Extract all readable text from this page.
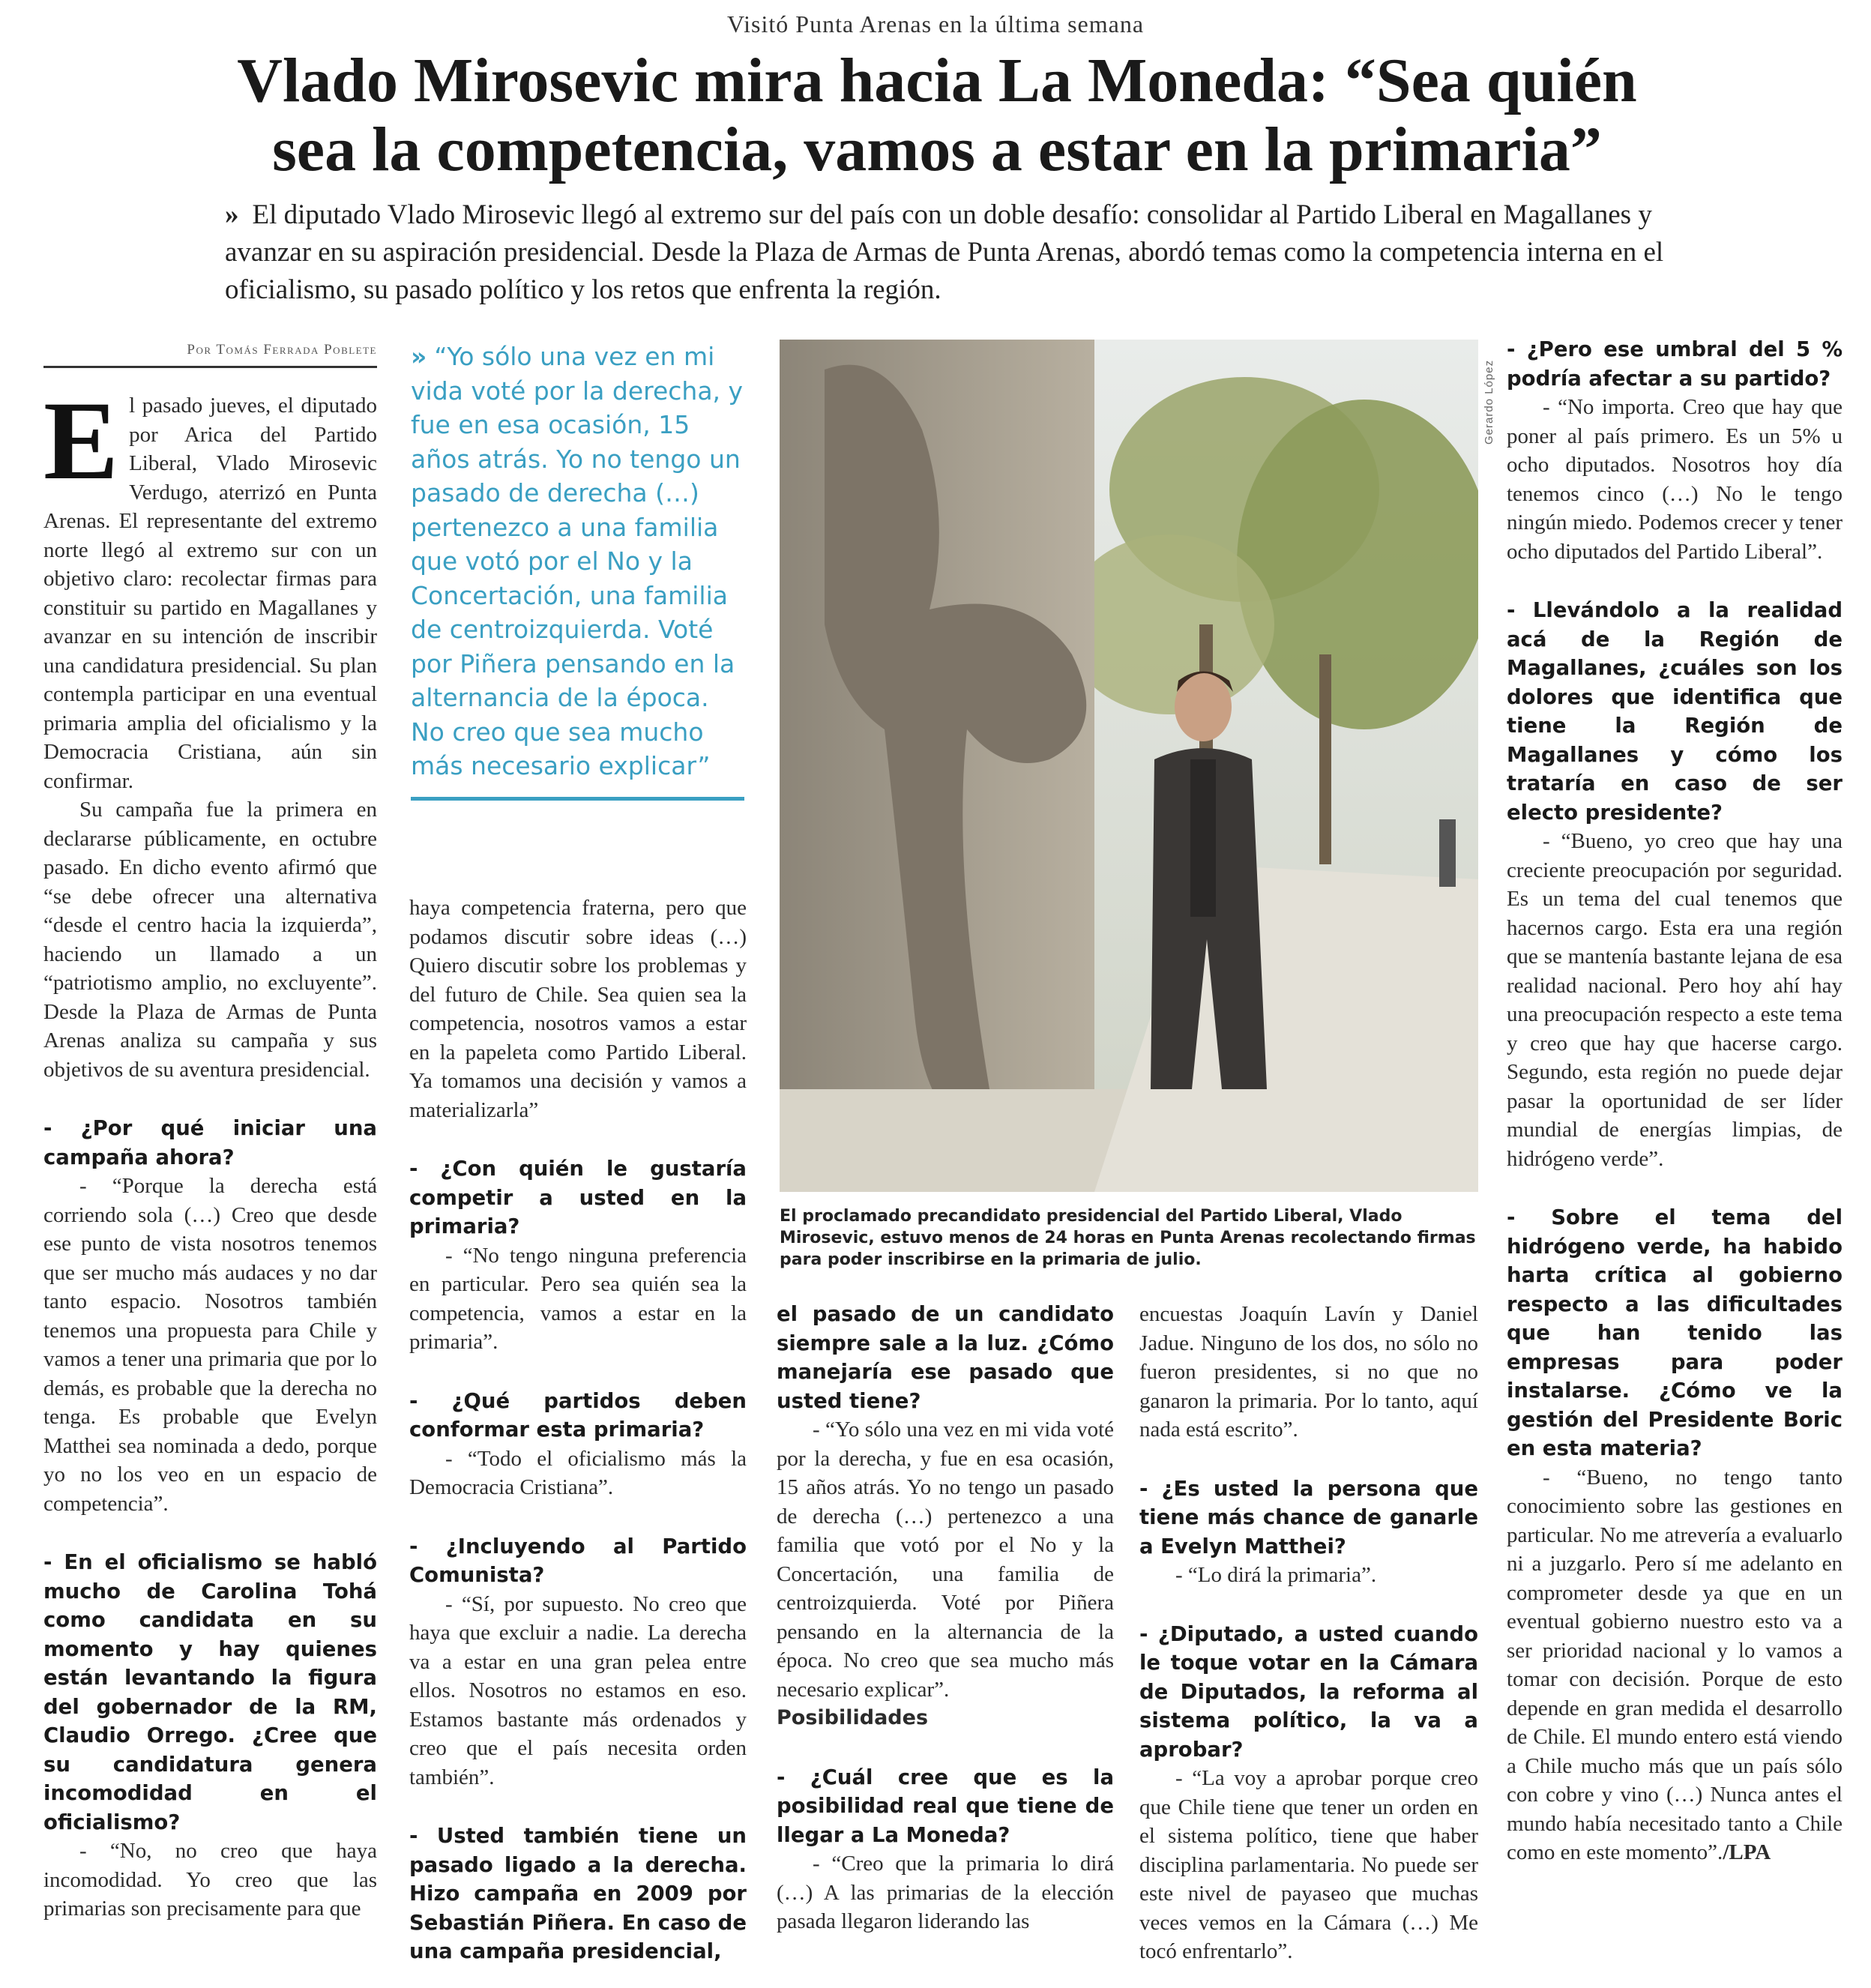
Visitó Punta Arenas en la última semana
Vlado Mirosevic mira hacia La Moneda: “Sea quién
sea la competencia, vamos a estar en la primaria”

» El diputado Vlado Mirosevic llegó al extremo sur del país con un doble desafío: consolidar al Partido Liberal en Magallanes y avanzar en su aspiración presidencial. Desde la Plaza de Armas de Punta Arenas, abordó temas como la competencia interna en el oficialismo, su pasado político y los retos que enfrenta la región.

Por Tomás Ferrada Poblete

El pasado jueves, el diputado por Arica del Partido Liberal, Vlado Mirosevic Verdugo, aterrizó en Punta Arenas. El representante del extremo norte llegó al extremo sur con un objetivo claro: recolectar firmas para constituir su partido en Magallanes y avanzar en su intención de inscribir una candidatura presidencial. Su plan contempla participar en una eventual primaria amplia del oficialismo y la Democracia Cristiana, aún sin confirmar.

Su campaña fue la primera en declararse públicamente, en octubre pasado. En dicho evento afirmó que “se debe ofrecer una alternativa “desde el centro hacia la izquierda”, haciendo un llamado a un “patriotismo amplio, no excluyente”. Desde la Plaza de Armas de Punta Arenas analiza su campaña y sus objetivos de su aventura presidencial.

- ¿Por qué iniciar una campaña ahora?

- “Porque la derecha está corriendo sola (…) Creo que desde ese punto de vista nosotros tenemos que ser mucho más audaces y no dar tanto espacio. Nosotros también tenemos una propuesta para Chile y vamos a tener una primaria que por lo demás, es probable que la derecha no tenga. Es probable que Evelyn Matthei sea nominada a dedo, porque yo no los veo en un espacio de competencia”.

- En el oficialismo se habló mucho de Carolina Tohá como candidata en su momento y hay quienes están levantando la figura del gobernador de la RM, Claudio Orrego. ¿Cree que su candidatura genera incomodidad en el oficialismo?

- “No, no creo que haya incomodidad. Yo creo que las primarias son precisamente para que

» “Yo sólo una vez en mi vida voté por la derecha, y fue en esa ocasión, 15 años atrás. Yo no tengo un pasado de derecha (…) pertenezco a una familia que votó por el No y la Concertación, una familia de centroizquierda. Voté por Piñera pensando en la alternancia de la época. No creo que sea mucho más necesario explicar”

haya competencia fraterna, pero que podamos discutir sobre ideas (…) Quiero discutir sobre los problemas y del futuro de Chile. Sea quien sea la competencia, nosotros vamos a estar en la papeleta como Partido Liberal. Ya tomamos una decisión y vamos a materializarla”

- ¿Con quién le gustaría competir a usted en la primaria?

- “No tengo ninguna preferencia en particular. Pero sea quién sea la competencia, vamos a estar en la primaria”.

- ¿Qué partidos deben conformar esta primaria?

- “Todo el oficialismo más la Democracia Cristiana”.

- ¿Incluyendo al Partido Comunista?

- “Sí, por supuesto. No creo que haya que excluir a nadie. La derecha va a estar en una gran pelea entre ellos. Nosotros no estamos en eso. Estamos bastante más ordenados y creo que el país necesita orden también”.

- Usted también tiene un pasado ligado a la derecha. Hizo campaña en 2009 por Sebastián Piñera. En caso de una campaña presidencial,

Gerardo López
El proclamado precandidato presidencial del Partido Liberal, Vlado Mirosevic, estuvo menos de 24 horas en Punta Arenas recolectando firmas para poder inscribirse en la primaria de julio.

el pasado de un candidato siempre sale a la luz. ¿Cómo manejaría ese pasado que usted tiene?

- “Yo sólo una vez en mi vida voté por la derecha, y fue en esa ocasión, 15 años atrás. Yo no tengo un pasado de derecha (…) pertenezco a una familia que votó por el No y la Concertación, una familia de centroizquierda. Voté por Piñera pensando en la alternancia de la época. No creo que sea mucho más necesario explicar”.

Posibilidades

- ¿Cuál cree que es la posibilidad real que tiene de llegar a La Moneda?

- “Creo que la primaria lo dirá (…) A las primarias de la elección pasada llegaron liderando las

encuestas Joaquín Lavín y Daniel Jadue. Ninguno de los dos, no sólo no fueron presidentes, si no que no ganaron la primaria. Por lo tanto, aquí nada está escrito”.

- ¿Es usted la persona que tiene más chance de ganarle a Evelyn Matthei?

- “Lo dirá la primaria”.

- ¿Diputado, a usted cuando le toque votar en la Cámara de Diputados, la reforma al sistema político, la va a aprobar?

- “La voy a aprobar porque creo que Chile tiene que tener un orden en el sistema político, tiene que haber disciplina parlamentaria. No puede ser este nivel de payaseo que muchas veces vemos en la Cámara (…) Me tocó enfrentarlo”.

- ¿Pero ese umbral del 5 % podría afectar a su partido?

- “No importa. Creo que hay que poner al país primero. Es un 5% u ocho diputados. Nosotros hoy día tenemos cinco (…) No le tengo ningún miedo. Podemos crecer y tener ocho diputados del Partido Liberal”.

- Llevándolo a la realidad acá de la Región de Magallanes, ¿cuáles son los dolores que identifica que tiene la Región de Magallanes y cómo los trataría en caso de ser electo presidente?

- “Bueno, yo creo que hay una creciente preocupación por seguridad. Es un tema del cual tenemos que hacernos cargo. Esta era una región que se mantenía bastante lejana de esa realidad nacional. Pero hoy ahí hay una preocupación respecto a este tema y creo que hay que hacerse cargo. Segundo, esta región no puede dejar pasar la oportunidad de ser líder mundial de energías limpias, de hidrógeno verde”.

- Sobre el tema del hidrógeno verde, ha habido harta crítica al gobierno respecto a las dificultades que han tenido las empresas para poder instalarse. ¿Cómo ve la gestión del Presidente Boric en esta materia?

- “Bueno, no tengo tanto conocimiento sobre las gestiones en particular. No me atrevería a evaluarlo ni a juzgarlo. Pero sí me adelanto en comprometer desde ya que en un eventual gobierno nuestro esto va a ser prioridad nacional y lo vamos a tomar con decisión. Porque de esto depende en gran medida el desarrollo de Chile. El mundo entero está viendo a Chile mucho más que un país sólo con cobre y vino (…) Nunca antes el mundo había necesitado tanto a Chile como en este momento”./LPA
